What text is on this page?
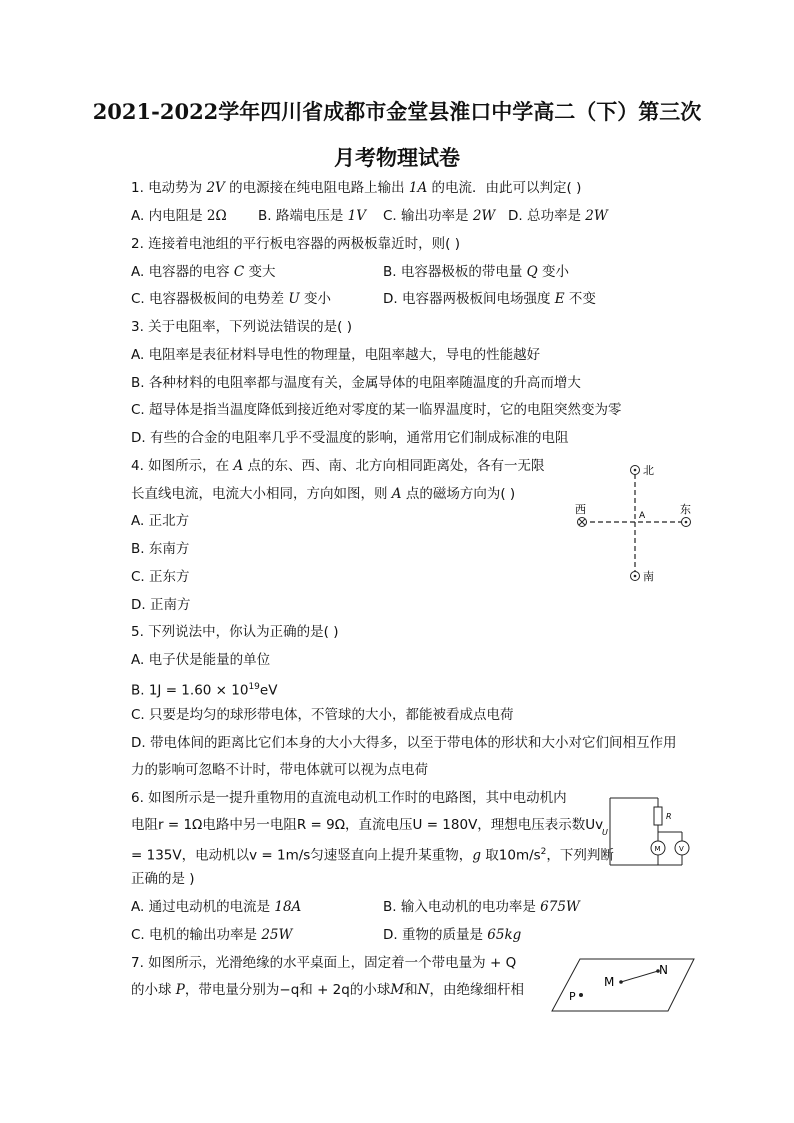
2021-2022学年四川省成都市金堂县淮口中学高二（下）第三次
月考物理试卷
1. 电动势为 2V 的电源接在纯电阻电路上输出 1A 的电流．由此可以判定( )
A. 内电阻是 2Ω B. 路端电压是 1V C. 输出功率是 2W D. 总功率是 2W
2. 连接着电池组的平行板电容器的两极板靠近时，则( )
A. 电容器的电容 C 变大	B. 电容器极板的带电量 Q 变小
C. 电容器极板间的电势差 U 变小	D. 电容器两极板间电场强度 E 不变
3. 关于电阻率，下列说法错误的是( )
A. 电阻率是表征材料导电性的物理量，电阻率越大，导电的性能越好
B. 各种材料的电阻率都与温度有关，金属导体的电阻率随温度的升高而增大
C. 超导体是指当温度降低到接近绝对零度的某一临界温度时，它的电阻突然变为零
D. 有些的合金的电阻率几乎不受温度的影响，通常用它们制成标准的电阻
4. 如图所示，在 A 点的东、西、南、北方向相同距离处，各有一无限
长直线电流，电流大小相同，方向如图，则 A 点的磁场方向为( )
A. 正北方
B. 东南方
C. 正东方
D. 正南方
北
南
西	东
A
5. 下列说法中，你认为正确的是( )
A. 电子伏是能量的单位
B. $1J = 1.60 \times 10^{19}eV$
C. 只要是均匀的球形带电体，不管球的大小，都能被看成点电荷
D. 带电体间的距离比它们本身的大小大得多，以至于带电体的形状和大小对它们间相互作用
力的影响可忽略不计时，带电体就可以视为点电荷
6. 如图所示是一提升重物用的直流电动机工作时的电路图，其中电动机内
电阻r = 1Ω电路中另一电阻R = 9Ω，直流电压U = 180V，理想电压表示数Uv
= 135V，电动机以v = 1m/s匀速竖直向上提升某重物，g 取$10m/s^2$，下列判断
正确的是 )
A. 通过电动机的电流是 18A	B. 输入电动机的电功率是 675W
C. 电机的输出功率是 25W	D. 重物的质量是 65kg
R
U
M	V
7. 如图所示，光滑绝缘的水平桌面上，固定着一个带电量为 + Q
的小球 P，带电量分别为−q和 + 2q的小球M和N，由绝缘细杆相	M
N
P
